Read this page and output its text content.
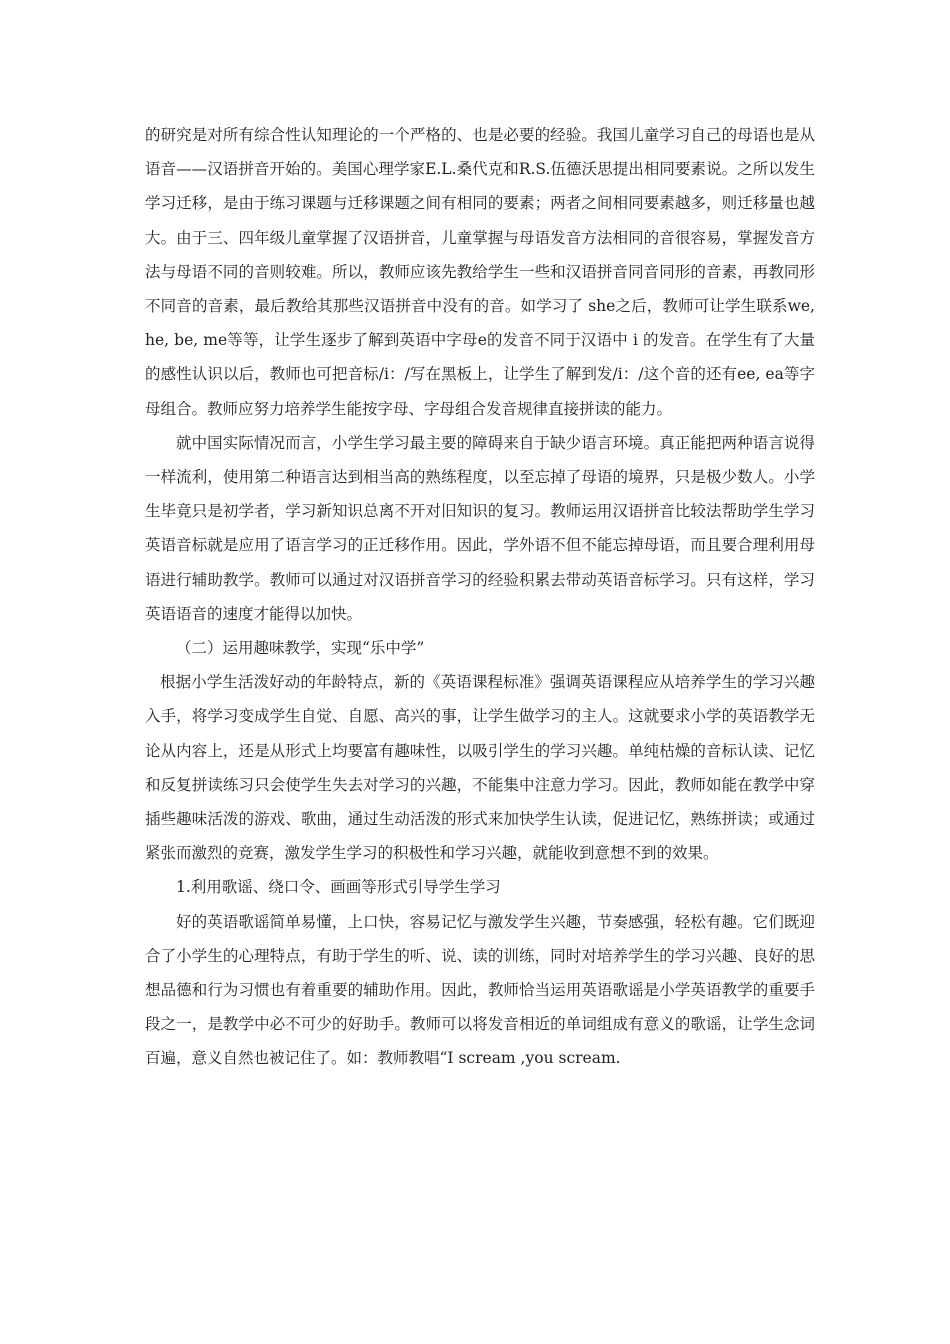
的研究是对所有综合性认知理论的一个严格的、也是必要的经验。我国儿童学习自己的母语也是从语音——汉语拼音开始的。美国心理学家E.L.桑代克和R.S.伍德沃思提出相同要素说。之所以发生学习迁移，是由于练习课题与迁移课题之间有相同的要素；两者之间相同要素越多，则迁移量也越大。由于三、四年级儿童掌握了汉语拼音，儿童掌握与母语发音方法相同的音很容易，掌握发音方法与母语不同的音则较难。所以，教师应该先教给学生一些和汉语拼音同音同形的音素，再教同形不同音的音素，最后教给其那些汉语拼音中没有的音。如学习了 she之后，教师可让学生联系we, he, be, me等等，让学生逐步了解到英语中字母e的发音不同于汉语中 i 的发音。在学生有了大量的感性认识以后，教师也可把音标/i：/写在黑板上，让学生了解到发/i：/这个音的还有ee, ea等字母组合。教师应努力培养学生能按字母、字母组合发音规律直接拼读的能力。

就中国实际情况而言，小学生学习最主要的障碍来自于缺少语言环境。真正能把两种语言说得一样流利，使用第二种语言达到相当高的熟练程度，以至忘掉了母语的境界，只是极少数人。小学生毕竟只是初学者，学习新知识总离不开对旧知识的复习。教师运用汉语拼音比较法帮助学生学习英语音标就是应用了语言学习的正迁移作用。因此，学外语不但不能忘掉母语，而且要合理利用母语进行辅助教学。教师可以通过对汉语拼音学习的经验积累去带动英语音标学习。只有这样，学习英语语音的速度才能得以加快。

（二）运用趣味教学，实现“乐中学”

根据小学生活泼好动的年龄特点，新的《英语课程标准》强调英语课程应从培养学生的学习兴趣入手，将学习变成学生自觉、自愿、高兴的事，让学生做学习的主人。这就要求小学的英语教学无论从内容上，还是从形式上均要富有趣味性，以吸引学生的学习兴趣。单纯枯燥的音标认读、记忆和反复拼读练习只会使学生失去对学习的兴趣，不能集中注意力学习。因此，教师如能在教学中穿插些趣味活泼的游戏、歌曲，通过生动活泼的形式来加快学生认读，促进记忆，熟练拼读；或通过紧张而激烈的竞赛，激发学生学习的积极性和学习兴趣，就能收到意想不到的效果。

1.利用歌谣、绕口令、画画等形式引导学生学习

好的英语歌谣简单易懂，上口快，容易记忆与激发学生兴趣，节奏感强，轻松有趣。它们既迎合了小学生的心理特点，有助于学生的听、说、读的训练，同时对培养学生的学习兴趣、良好的思想品德和行为习惯也有着重要的辅助作用。因此，教师恰当运用英语歌谣是小学英语教学的重要手段之一，是教学中必不可少的好助手。教师可以将发音相近的单词组成有意义的歌谣，让学生念词百遍，意义自然也被记住了。如：教师教唱“I scream ,you scream.
